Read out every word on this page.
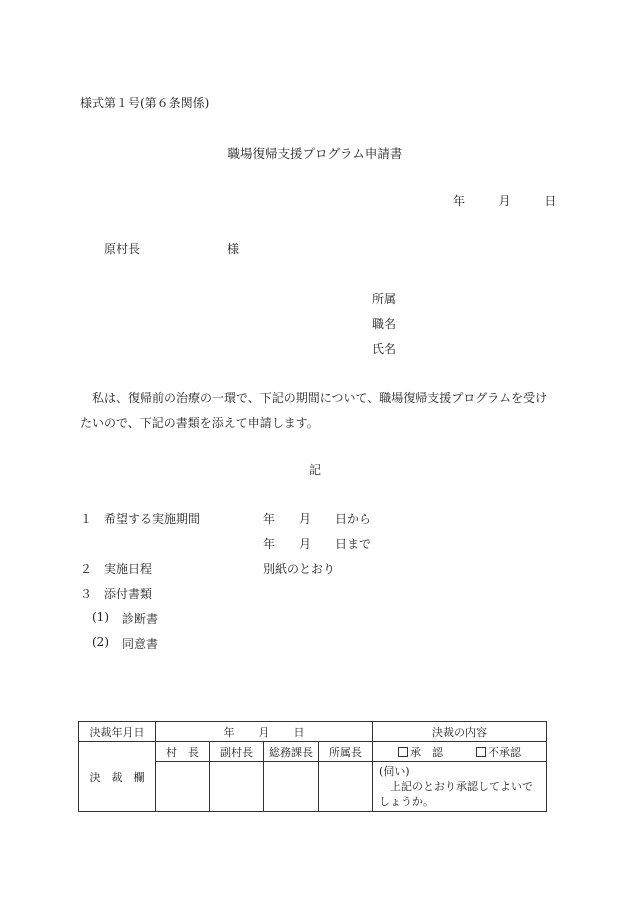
様式第１号(第６条関係)
職場復帰支援プログラム申請書
年	月	日
原村長	様
所属
職名
氏名
私は、復帰前の治療の一環で、下記の期間について、職場復帰支援プログラムを受けたいので、下記の書類を添えて申請します。
記
１ 希望する実施期間	年 月 日から
年 月 日まで
２ 実施日程	別紙のとおり
３ 添付書類
(1) 診断書
(2) 同意書
決裁年月日	年 月 日				決裁の内容
決　裁　欄	村　長	副村長	総務課長	所属長	承　認 不承認

					(伺い)
上記のとおり承認してよいでしょうか。
